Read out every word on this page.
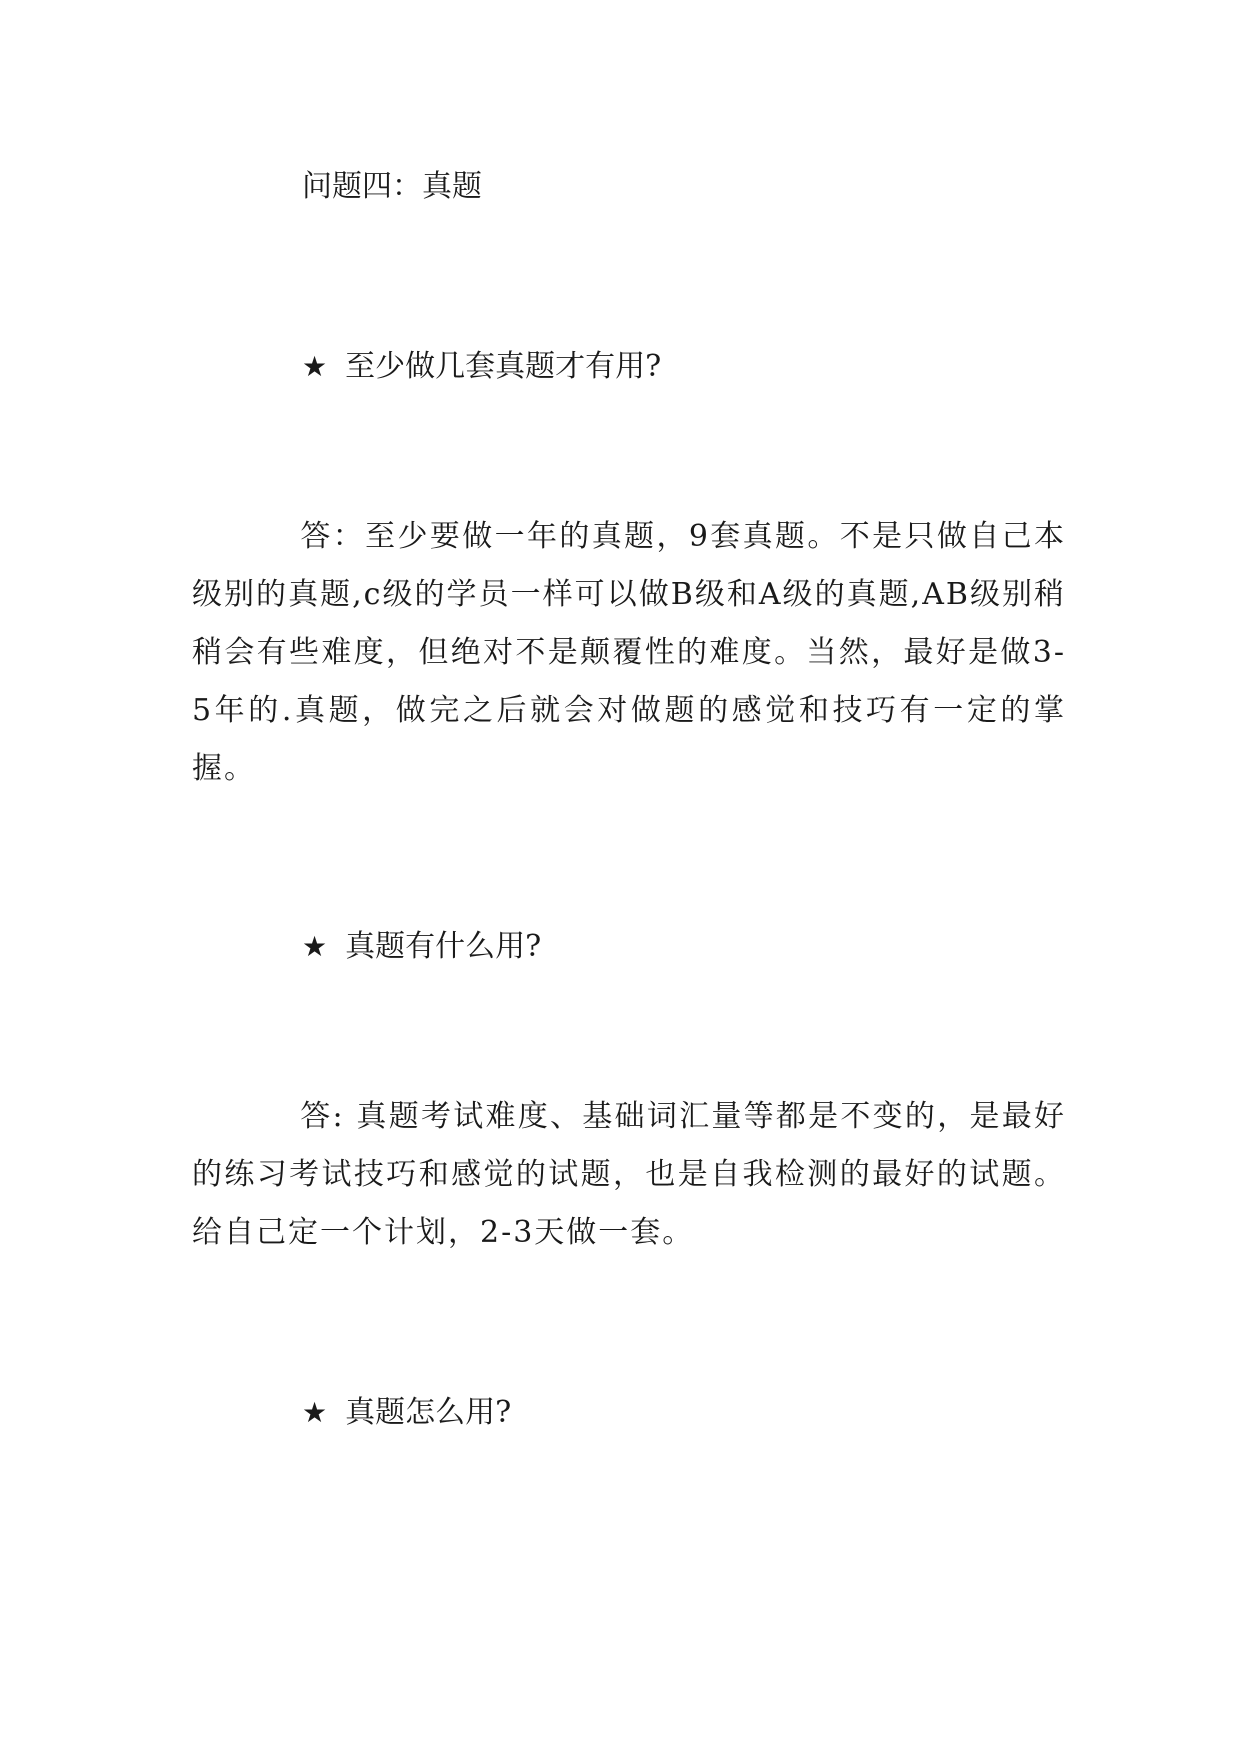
问题四：真题
★ 至少做几套真题才有用?
答：至少要做一年的真题，9套真题。不是只做自己本级别的真题,c级的学员一样可以做B级和A级的真题,AB级别稍稍会有些难度，但绝对不是颠覆性的难度。当然，最好是做3-5年的.真题，做完之后就会对做题的感觉和技巧有一定的掌握。
★ 真题有什么用?
答: 真题考试难度、基础词汇量等都是不变的，是最好的练习考试技巧和感觉的试题，也是自我检测的最好的试题。给自己定一个计划，2-3天做一套。
★ 真题怎么用?
